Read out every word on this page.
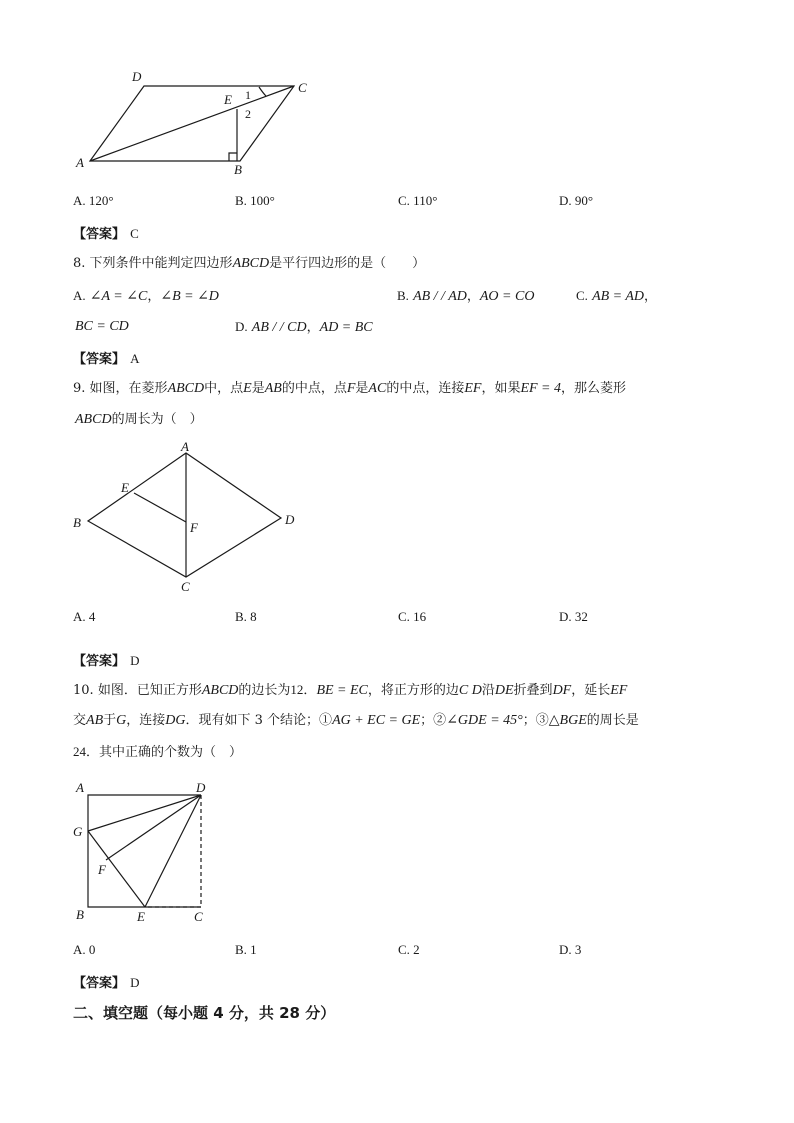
D
C
E 1
2
A	B
A. 120°	B. 100°	C. 110°	D. 90°
【答案】 C
8. 下列条件中能判定四边形ABCD是平行四边形的是（　　）
A. ∠A = ∠C，∠B = ∠D	B. AB / / AD，AO = CO	C. AB = AD，
BC = CD	D. AB / / CD，AD = BC
【答案】 A
9. 如图，在菱形ABCD中，点E是AB的中点，点F是AC的中点，连接EF，如果EF = 4，那么菱形
ABCD的周长为（　）
A
E
B	F
D
C
A. 4	B. 8	C. 16	D. 32
【答案】 D
10. 如图．已知正方形ABCD的边长为12．BE = EC，将正方形的边C D沿DE折叠到DF，延长EF
交AB于G，连接DG．现有如下 3 个结论；①AG + EC = GE；②∠GDE = 45°；③△BGE的周长是
24．其中正确的个数为（　）
A	D
G
F
B	E	C
A. 0	B. 1	C. 2	D. 3
【答案】 D
二、填空题（每小题 4 分，共 28 分）
